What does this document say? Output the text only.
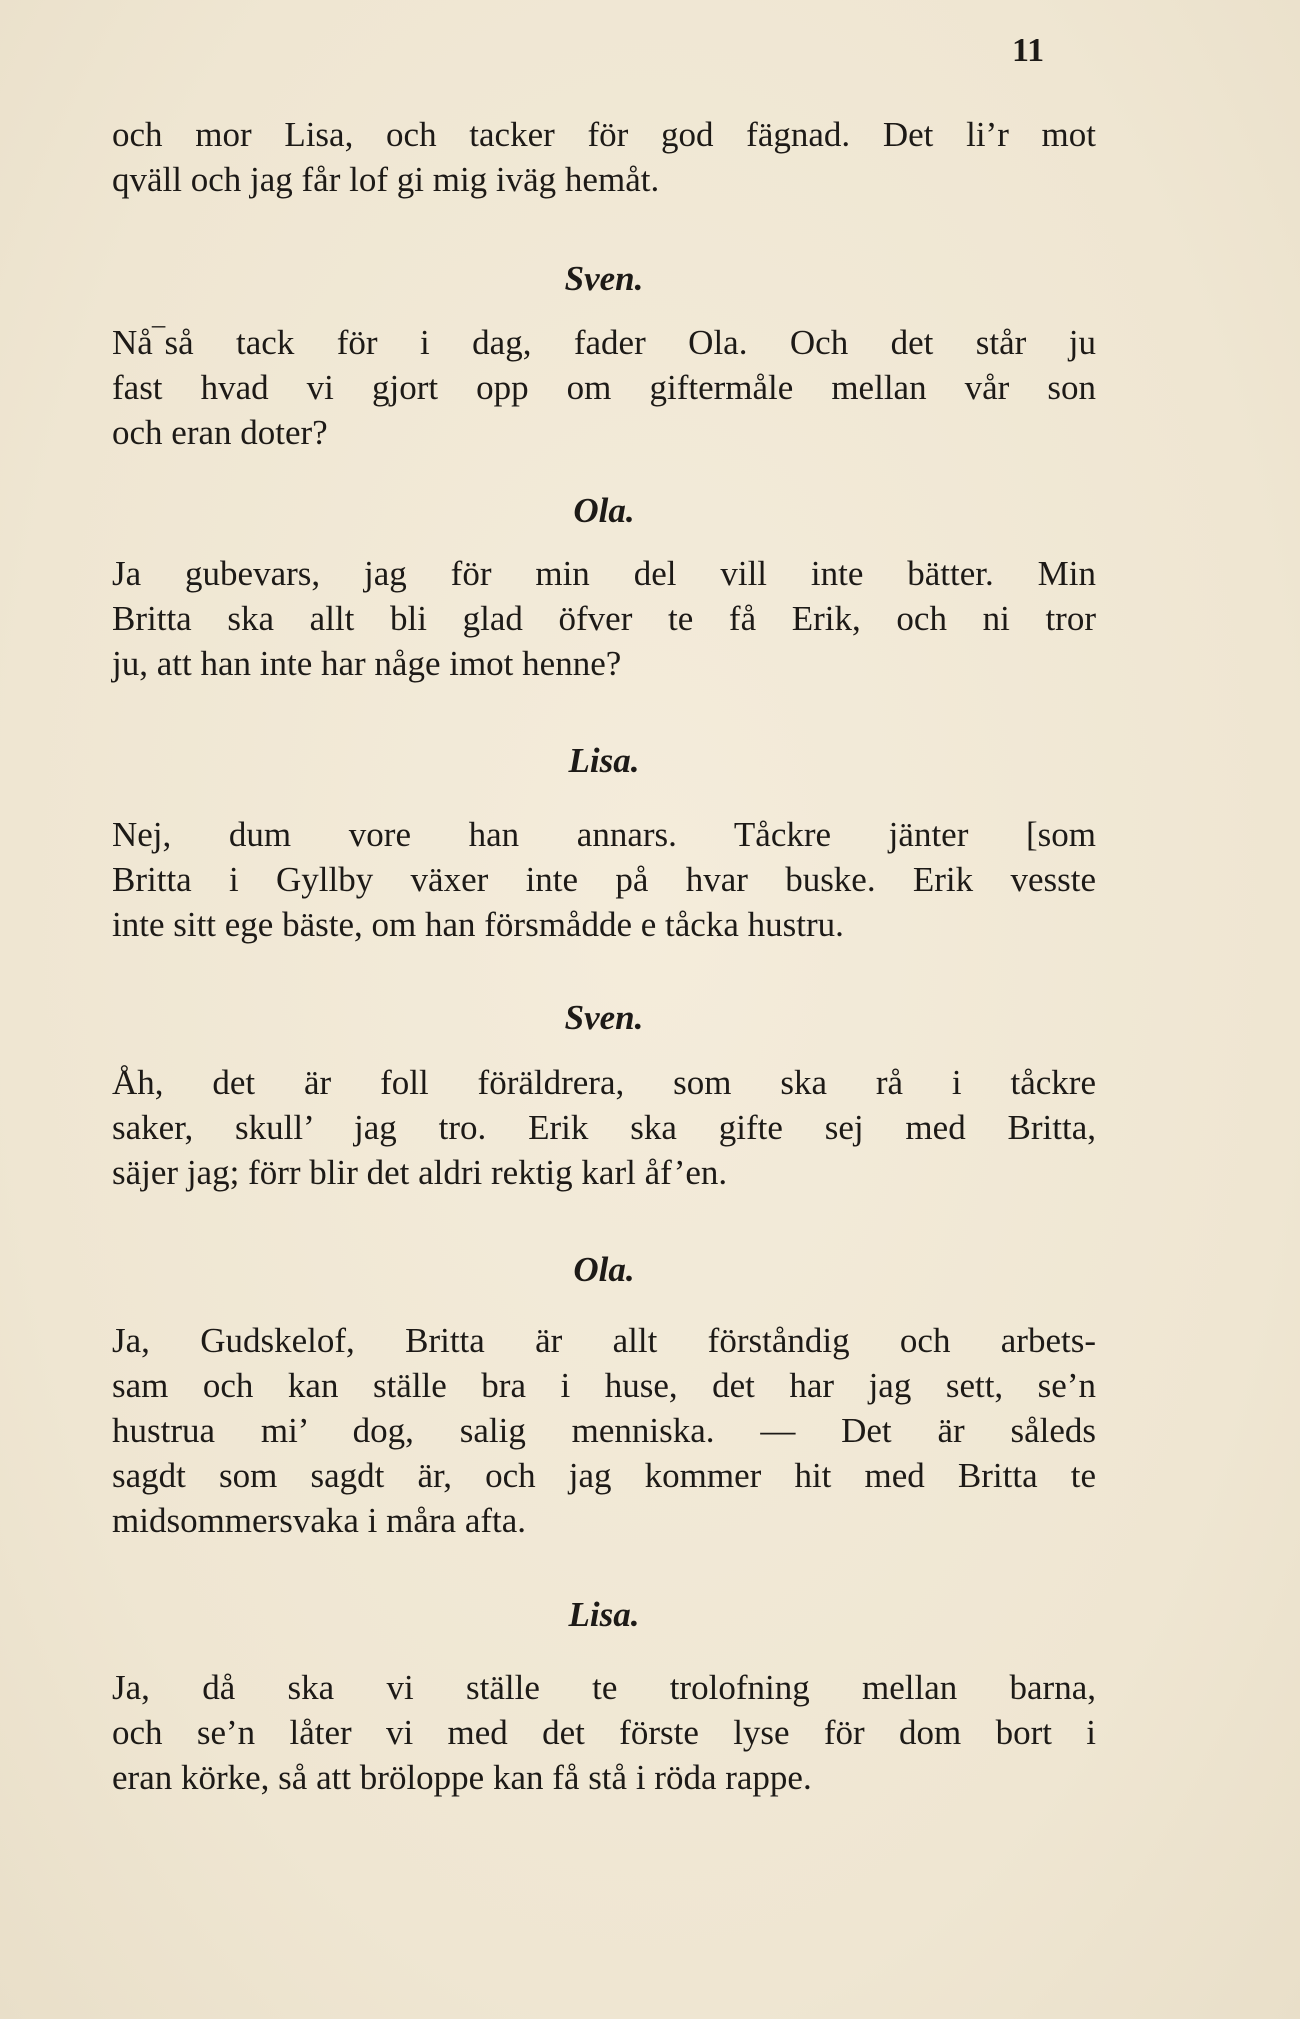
11
och mor Lisa, och tacker för god fägnad. Det li’r mot
qväll och jag får lof gi mig iväg hemåt.
Sven.
Nå‾så tack för i dag, fader Ola. Och det står ju
fast hvad vi gjort opp om giftermåle mellan vår son
och eran doter?
Ola.
Ja gubevars, jag för min del vill inte bätter. Min
Britta ska allt bli glad öfver te få Erik, och ni tror
ju, att han inte har någe imot henne?
Lisa.
Nej, dum vore han annars. Tåckre jänter [som
Britta i Gyllby växer inte på hvar buske. Erik vesste
inte sitt ege bäste, om han försmådde e tåcka hustru.
Sven.
Åh, det är foll föräldrera, som ska rå i tåckre
saker, skull’ jag tro. Erik ska gifte sej med Britta,
säjer jag; förr blir det aldri rektig karl åf’en.
Ola.
Ja, Gudskelof, Britta är allt förståndig och arbets-
sam och kan ställe bra i huse, det har jag sett, se’n
hustrua mi’ dog, salig menniska. — Det är såleds
sagdt som sagdt är, och jag kommer hit med Britta te
midsommersvaka i måra afta.
Lisa.
Ja, då ska vi ställe te trolofning mellan barna,
och se’n låter vi med det förste lyse för dom bort i
eran körke, så att bröloppe kan få stå i röda rappe.
